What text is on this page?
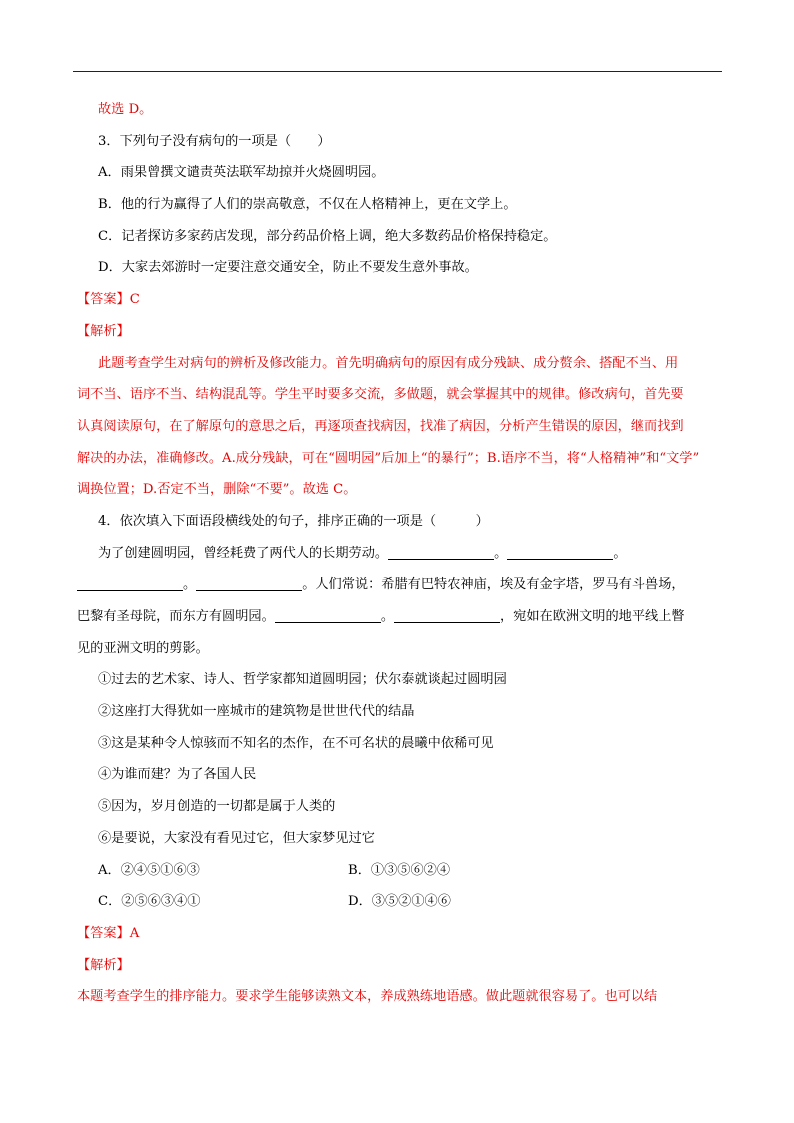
故选 D。
3．下列句子没有病句的一项是（　　）
A．雨果曾撰文谴责英法联军劫掠并火烧圆明园。
B．他的行为赢得了人们的崇高敬意，不仅在人格精神上，更在文学上。
C．记者探访多家药店发现，部分药品价格上调，绝大多数药品价格保持稳定。
D．大家去郊游时一定要注意交通安全，防止不要发生意外事故。
【答案】C
【解析】
此题考查学生对病句的辨析及修改能力。首先明确病句的原因有成分残缺、成分赘余、搭配不当、用
词不当、语序不当、结构混乱等。学生平时要多交流，多做题，就会掌握其中的规律。修改病句，首先要
认真阅读原句，在了解原句的意思之后，再逐项查找病因，找准了病因，分析产生错误的原因，继而找到
解决的办法，准确修改。A.成分残缺，可在“圆明园”后加上“的暴行”；B.语序不当，将“人格精神”和“文学”
调换位置；D.否定不当，删除“不要”。故选 C。
4．依次填入下面语段横线处的句子，排序正确的一项是（　　　）
为了创建圆明园，曾经耗费了两代人的长期劳动。	。	。
。	。人们常说：希腊有巴特农神庙，埃及有金字塔，罗马有斗兽场，
巴黎有圣母院，而东方有圆明园。	。	，宛如在欧洲文明的地平线上瞥
见的亚洲文明的剪影。
①过去的艺术家、诗人、哲学家都知道圆明园；伏尔泰就谈起过圆明园
②这座打大得犹如一座城市的建筑物是世世代代的结晶
③这是某种令人惊骇而不知名的杰作，在不可名状的晨曦中依稀可见
④为谁而建？为了各国人民
⑤因为，岁月创造的一切都是属于人类的
⑥是要说，大家没有看见过它，但大家梦见过它
A．②④⑤①⑥③	B．①③⑤⑥②④
C．②⑤⑥③④①	D．③⑤②①④⑥
【答案】A
【解析】
本题考查学生的排序能力。要求学生能够读熟文本，养成熟练地语感。做此题就很容易了。也可以结
